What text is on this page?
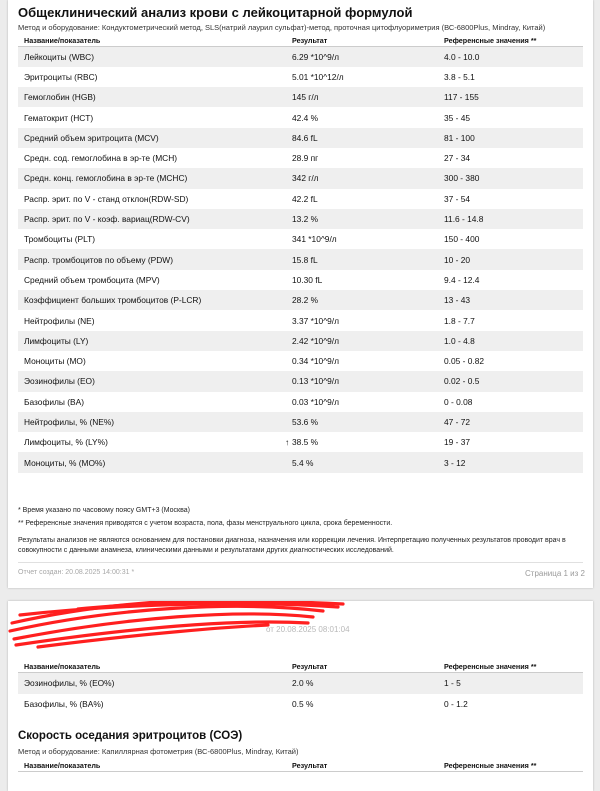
Общеклинический анализ крови с лейкоцитарной формулой
Метод и оборудование: Кондуктометрический метод, SLS(натрий лаурил сульфат)-метод, проточная цитофлуориметрия (ВС-6800Plus, Mindray, Китай)
Название/показатель	Результат	Референсные значения **
Лейкоциты (WBC)	6.29 *10^9/л	4.0 - 10.0
Эритроциты (RBC)	5.01 *10^12/л	3.8 - 5.1
Гемоглобин (HGB)	145 г/л	117 - 155
Гематокрит (HCT)	42.4 %	35 - 45
Средний объем эритроцита (MCV)	84.6 fL	81 - 100
Средн. сод. гемоглобина в эр-те (MCH)	28.9 пг	27 - 34
Средн. конц. гемоглобина в эр-те (MCHC)	342 г/л	300 - 380
Распр. эрит. по V - станд отклон(RDW-SD)	42.2 fL	37 - 54
Распр. эрит. по V - коэф. вариац(RDW-CV)	13.2 %	11.6 - 14.8
Тромбоциты (PLT)	341 *10^9/л	150 - 400
Распр. тромбоцитов по объему (PDW)	15.8 fL	10 - 20
Средний объем тромбоцита (MPV)	10.30 fL	9.4 - 12.4
Коэффициент больших тромбоцитов (P-LCR)	28.2 %	13 - 43
Нейтрофилы (NE)	3.37 *10^9/л	1.8 - 7.7
Лимфоциты (LY)	2.42 *10^9/л	1.0 - 4.8
Моноциты (MO)	0.34 *10^9/л	0.05 - 0.82
Эозинофилы (EO)	0.13 *10^9/л	0.02 - 0.5
Базофилы (BA)	0.03 *10^9/л	0 - 0.08
Нейтрофилы, % (NE%)	53.6 %	47 - 72
Лимфоциты, % (LY%)	↑ 38.5 %	19 - 37
Моноциты, % (MO%)	5.4 %	3 - 12
* Время указано по часовому поясу GMT+3 (Москва)
** Референсные значения приводятся с учетом возраста, пола, фазы менструального цикла, срока беременности.
Результаты анализов не являются основанием для постановки диагноза, назначения или коррекции лечения. Интерпретацию полученных результатов проводит врач в совокупности с данными анамнеза, клиническими данными и результатами других диагностических исследований.
Отчет создан: 20.08.2025 14:00:31 *	Страница 1 из 2
от 20.08.2025 08:01:04
Название/показатель	Результат	Референсные значения **
Эозинофилы, % (EO%)	2.0 %	1 - 5
Базофилы, % (BA%)	0.5 %	0 - 1.2
Скорость оседания эритроцитов (СОЭ)
Метод и оборудование: Капиллярная фотометрия (ВС-6800Plus, Mindray, Китай)
Название/показатель	Результат	Референсные значения **
